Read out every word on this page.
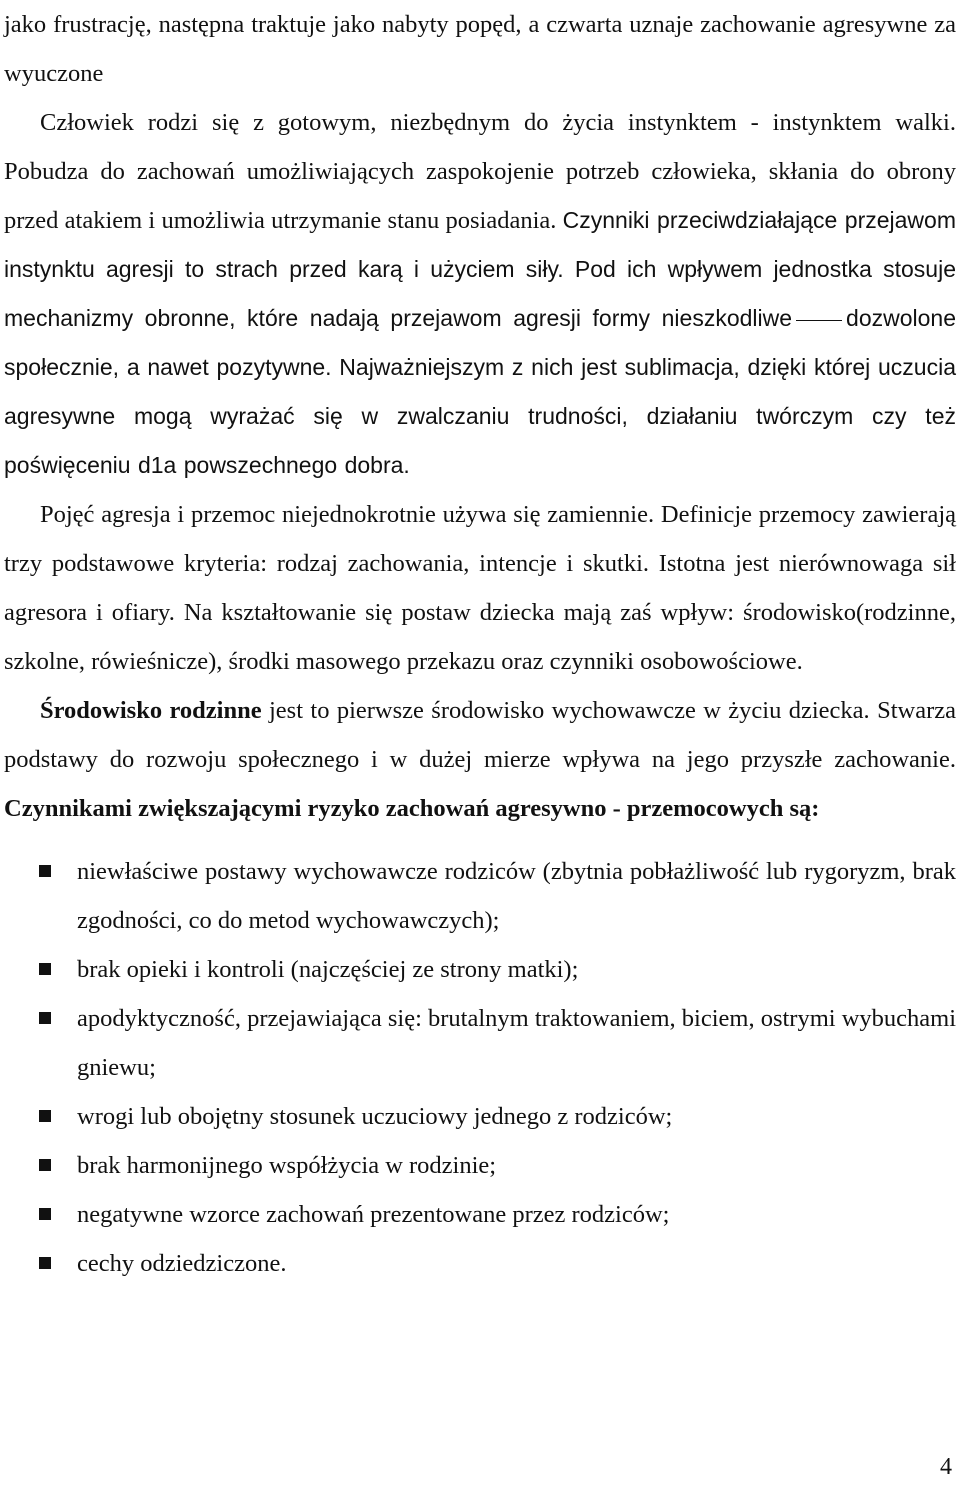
jako frustrację, następna traktuje jako nabyty popęd, a czwarta uznaje zachowanie agresywne za wyuczone

Człowiek rodzi się z gotowym, niezbędnym do życia instynktem - instynktem walki. Pobudza do zachowań umożliwiających zaspokojenie potrzeb człowieka, skłania do obrony przed atakiem i umożliwia utrzymanie stanu posiadania. Czynniki przeciwdziałające przejawom instynktu agresji to strach przed karą i użyciem siły. Pod ich wpływem jednostka stosuje mechanizmy obronne, które nadają przejawom agresji formy nieszkodliwe dozwolone społecznie, a nawet pozytywne. Najważniejszym z nich jest sublimacja, dzięki której uczucia agresywne mogą wyrażać się w zwalczaniu trudności, działaniu twórczym czy też poświęceniu d1a powszechnego dobra.

Pojęć agresja i przemoc niejednokrotnie używa się zamiennie. Definicje przemocy zawierają trzy podstawowe kryteria: rodzaj zachowania, intencje i skutki. Istotna jest nierównowaga sił agresora i ofiary. Na kształtowanie się postaw dziecka mają zaś wpływ: środowisko(rodzinne, szkolne, rówieśnicze), środki masowego przekazu oraz czynniki osobowościowe.

Środowisko rodzinne jest to pierwsze środowisko wychowawcze w życiu dziecka. Stwarza podstawy do rozwoju społecznego i w dużej mierze wpływa na jego przyszłe zachowanie. Czynnikami zwiększającymi ryzyko zachowań agresywno - przemocowych są:

niewłaściwe postawy wychowawcze rodziców (zbytnia pobłażliwość lub rygoryzm, brak zgodności, co do metod wychowawczych);
brak opieki i kontroli (najczęściej ze strony matki);
apodyktyczność, przejawiająca się: brutalnym traktowaniem, biciem, ostrymi wybuchami gniewu;
wrogi lub obojętny stosunek uczuciowy jednego z rodziców;
brak harmonijnego współżycia w rodzinie;
negatywne wzorce zachowań prezentowane przez rodziców;
cechy odziedziczone.
4
